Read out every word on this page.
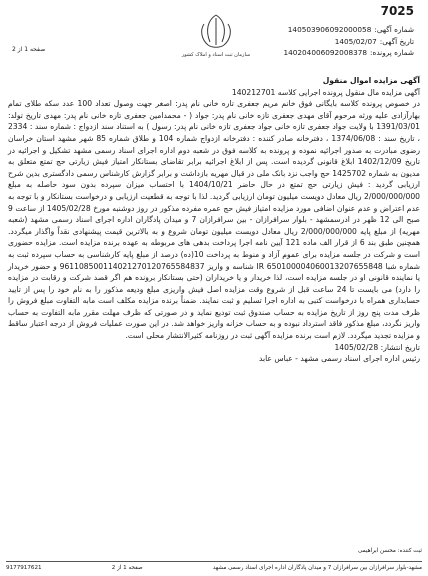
7025
سازمان ثبت اسناد و املاک کشور
شماره آگهی:140503906092000058
تاریخ آگهی:1405/02/07
شماره پرونده:140204006092008378
صفحه 1 از 2

آگهی مزایده اموال منقول

آگهی مزایده مال منقول پرونده اجرایی کلاسه 140212701

در خصوص پرونده کلاسه بایگانی فوق خانم مریم جعفری تاره خانی نام پدر: اصغر جهت وصول تعداد 100 عدد سکه طلای تمام بهارآزادی علیه ورثه مرحوم آقای مهدی جعفری تازه خانی نام پدر: جواد ( - محمدامین جعفری تاره خانی نام پدر: مهدی تاریخ تولد: 1391/03/01 با ولایت جواد جعفری تازه خانی جواد جعفری تازه خانی نام پدر: رسول ) به استناد سند ازدواج : شماره سند : 2334 ، تاریخ سند : 1374/06/08 ، دفترخانه صادر کننده : دفترخانه ازدواج شماره 104 و طلاق شماره 85 شهر مشهد استان خراسان رضوی مبادرت به صدور اجرائیه نموده و پرونده به کلاسه فوق در شعبه دوم اداره اجرای اسناد رسمی مشهد تشکیل و اجرائیه در تاریخ 1402/12/09 ابلاغ قانونی گردیده است. پس از ابلاغ اجرائیه برابر تقاضای بستانکار امتیاز فیش زیارتی حج تمتع متعلق به مدیون به شماره 1425702 حج واجب نزد بانک ملی در قبال مهریه بازداشت و برابر گزارش کارشناس رسمی دادگستری بدین شرح ارزیابی گردید : فیش زیارتی حج تمتع در حال حاضر 1404/10/21 با احتساب میزان سپرده بدون سود حاصله به مبلغ 2/000/000/000 ریال معادل دویست میلیون تومان ارزیابی گردید. لذا با توجه به قطعیت ارزیابی و درخواست بستانکار و با توجه به عدم اعتراض و عدم عنوان اضافی مورد مزایده امتیاز فیش حج عمره مفرده مذکور در روز دوشنبه مورخ 1405/02/28 از ساعت 9 صبح الی 12 ظهر در ادرسمشهد - بلوار سرافرازان - بین سرافرازان 7 و میدان پادگاران اداره اجرای اسناد رسمی مشهد (شعبه مهریه) از مبلغ پایه 2/000/000/000 ریال معادل دویست میلیون تومان شروع و به بالاترین قیمت پیشنهادی نقداً واگذار میگردد. همچنین طبق بند 6 از قرار الف ماده 121 آیین نامه اجرا پرداخت بدهی های مربوطه به عهده برنده مزایده است. مزایده حضوری است و شرکت در جلسه مزایده برای عموم آزاد و منوط به پرداخت 10(ده) درصد از مبلغ پایه کارشناسی به حساب سپرده ثبت به شماره شبا IR 650100004060013207655848 شناسه و واریز 961108500114021270120765584837 و حضور خریدار یا نماینده قانونی او در جلسه مزایده است، لذا خریدار و یا خریداران (حتی بستانکار برونده هم اگر قصد شرکت و رقابت در مزایده را دارد) می بایست تا 24 ساعت قبل از شروع وقت مزایده اصل فیش واریزی مبلغ ودیعه مذکور را به نام خود را پس از تایید حسابداری همراه با درخواست کتبی به اداره اجرا تسلیم و ثبت نمایند. ضمناً برنده مزایده مکلف است مابه التفاوت مبلغ فروش را ظرف مدت پنج روز از تاریخ مزایده به حساب صندوق ثبت تودیع نماید و در صورتی که ظرف مهلت مقرر مابه التفاوت به حساب واریز نگردد، مبلغ مذکور فاقد استرداد نبوده و به حساب خزانه واریز خواهد شد. در این صورت عملیات فروش از درجه اعتبار ساقط و مزایده تجدید میگردد. لازم است برنده مزایده آگهی ثبت در روزنامه کثیرالانتشار محلی است.

تاریخ انتشار: 1405/02/28

رئیس اداره اجرای اسناد رسمی مشهد - عباس عابد

ثبت کننده: محسن ابراهیمی
مشهد-بلوار سرافرازان بین سرافرازان 7 و میدان پادگاران اداره اجرای اسناد رسمی مشهد
صفحه 1 از 2
9177917621
